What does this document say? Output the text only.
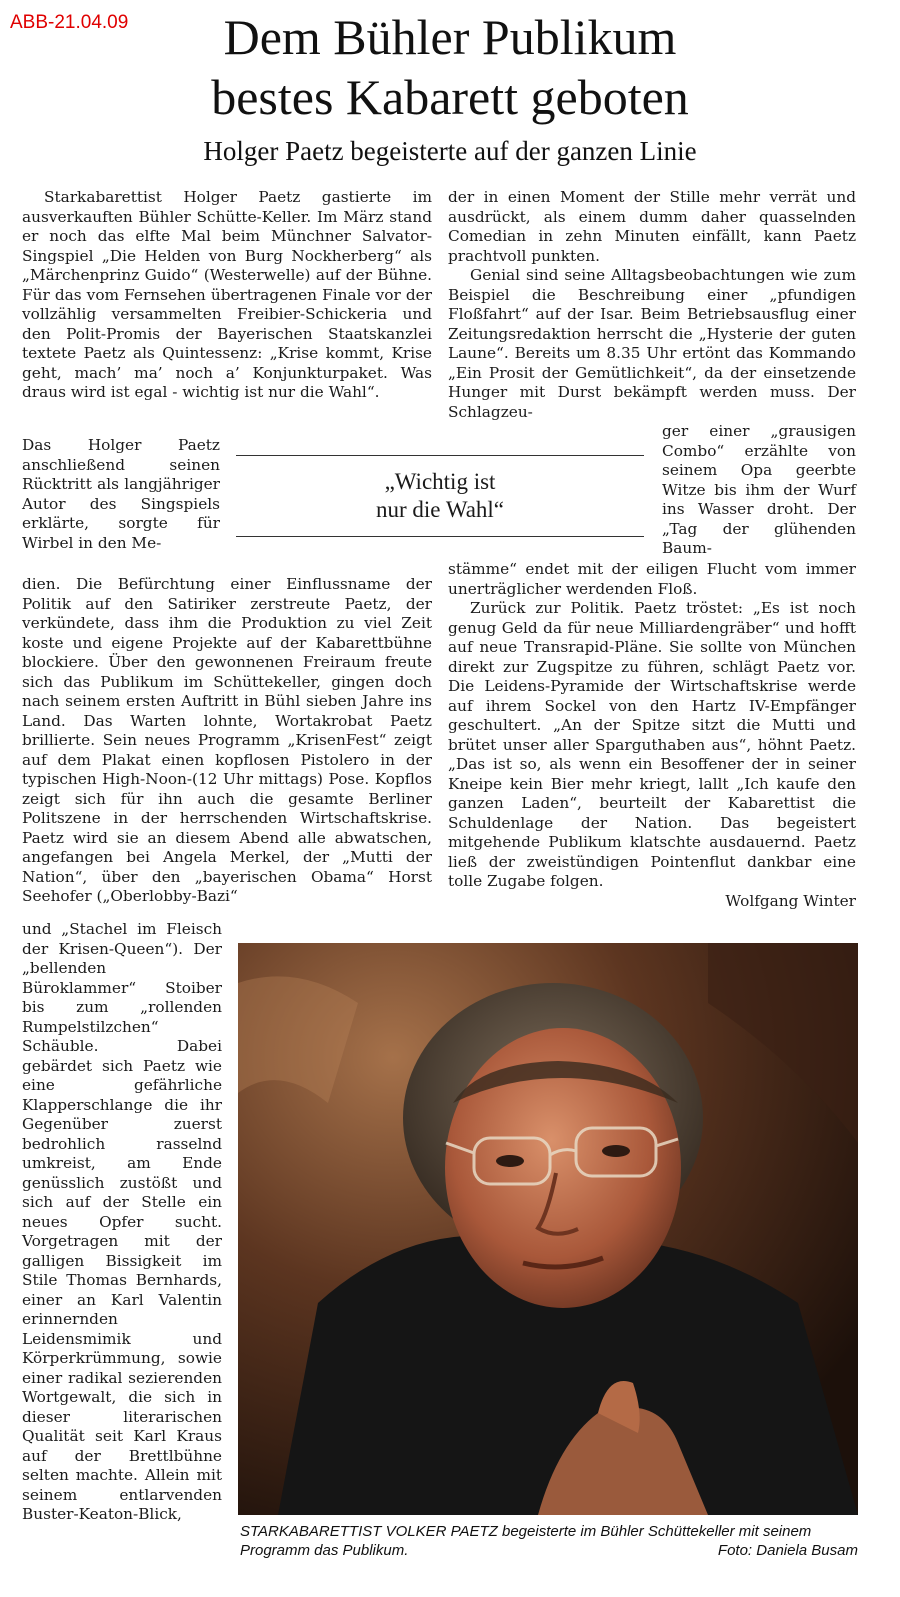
ABB-21.04.09	Dem Bühler Publikum
bestes Kabarett geboten
Holger Paetz begeisterte auf der ganzen Linie

Starkabarettist Holger Paetz gastierte im ausverkauften Bühler Schütte-Keller. Im März stand er noch das elfte Mal beim Münchner Salvator-Singspiel „Die Helden von Burg Nockherberg“ als „Märchenprinz Guido“ (Westerwelle) auf der Bühne. Für das vom Fernsehen übertragenen Finale vor der vollzählig versammelten Freibier-Schickeria und den Polit-Promis der Bayerischen Staatskanzlei textete Paetz als Quintessenz: „Krise kommt, Krise geht, mach’ ma’ noch a’ Konjunkturpaket. Was draus wird ist egal - wichtig ist nur die Wahl“.

Das Holger Paetz anschließend seinen Rücktritt als langjähriger Autor des Singspiels erklärte, sorgte für Wirbel in den Me-

„Wichtig ist
nur die Wahl“

der in einen Moment der Stille mehr verrät und ausdrückt, als einem dumm daher quasselnden Comedian in zehn Minuten einfällt, kann Paetz prachtvoll punkten.

Genial sind seine Alltagsbeobachtungen wie zum Beispiel die Beschreibung einer „pfundigen Floßfahrt“ auf der Isar. Beim Betriebsausflug einer Zeitungsredaktion herrscht die „Hysterie der guten Laune“. Bereits um 8.35 Uhr ertönt das Kommando „Ein Prosit der Gemütlichkeit“, da der einsetzende Hunger mit Durst bekämpft werden muss. Der Schlagzeu-

ger einer „grausigen Combo“ erzählte von seinem Opa geerbte Witze bis ihm der Wurf ins Wasser droht. Der „Tag der glühenden Baum-

dien. Die Befürchtung einer Einflussname der Politik auf den Satiriker zerstreute Paetz, der verkündete, dass ihm die Produktion zu viel Zeit koste und eigene Projekte auf der Kabarettbühne blockiere. Über den gewonnenen Freiraum freute sich das Publikum im Schüttekeller, gingen doch nach seinem ersten Auftritt in Bühl sieben Jahre ins Land. Das Warten lohnte, Wortakrobat Paetz brillierte. Sein neues Programm „KrisenFest“ zeigt auf dem Plakat einen kopflosen Pistolero in der typischen High-Noon-(12 Uhr mittags) Pose. Kopflos zeigt sich für ihn auch die gesamte Berliner Politszene in der herrschenden Wirtschaftskrise. Paetz wird sie an diesem Abend alle abwatschen, angefangen bei Angela Merkel, der „Mutti der Nation“, über den „bayerischen Obama“ Horst Seehofer („Oberlobby-Bazi“

stämme“ endet mit der eiligen Flucht vom immer unerträglicher werdenden Floß.

Zurück zur Politik. Paetz tröstet: „Es ist noch genug Geld da für neue Milliardengräber“ und hofft auf neue Transrapid-Pläne. Sie sollte von München direkt zur Zugspitze zu führen, schlägt Paetz vor. Die Leidens-Pyramide der Wirtschaftskrise werde auf ihrem Sockel von den Hartz IV-Empfänger geschultert. „An der Spitze sitzt die Mutti und brütet unser aller Sparguthaben aus“, höhnt Paetz. „Das ist so, als wenn ein Besoffener der in seiner Kneipe kein Bier mehr kriegt, lallt „Ich kaufe den ganzen Laden“, beurteilt der Kabarettist die Schuldenlage der Nation. Das begeistert mitgehende Publikum klatschte ausdauernd. Paetz ließ der zweistündigen Pointenflut dankbar eine tolle Zugabe folgen.

Wolfgang Winter

und „Stachel im Fleisch der Krisen-Queen“). Der „bellenden Büroklammer“ Stoiber bis zum „rollenden Rumpelstilzchen“ Schäuble. Dabei gebärdet sich Paetz wie eine gefährliche Klapperschlange die ihr Gegenüber zuerst bedrohlich rasselnd umkreist, am Ende genüsslich zustößt und sich auf der Stelle ein neues Opfer sucht. Vorgetragen mit der galligen Bissigkeit im Stile Thomas Bernhards, einer an Karl Valentin erinnernden Leidensmimik und Körperkrümmung, sowie einer radikal sezierenden Wortgewalt, die sich in dieser literarischen Qualität seit Karl Kraus auf der Brettlbühne selten machte. Allein mit seinem entlarvenden Buster-Keaton-Blick,

STARKABARETTIST VOLKER PAETZ begeisterte im Bühler Schüttekeller mit seinem Programm das Publikum.	Foto: Daniela Busam
